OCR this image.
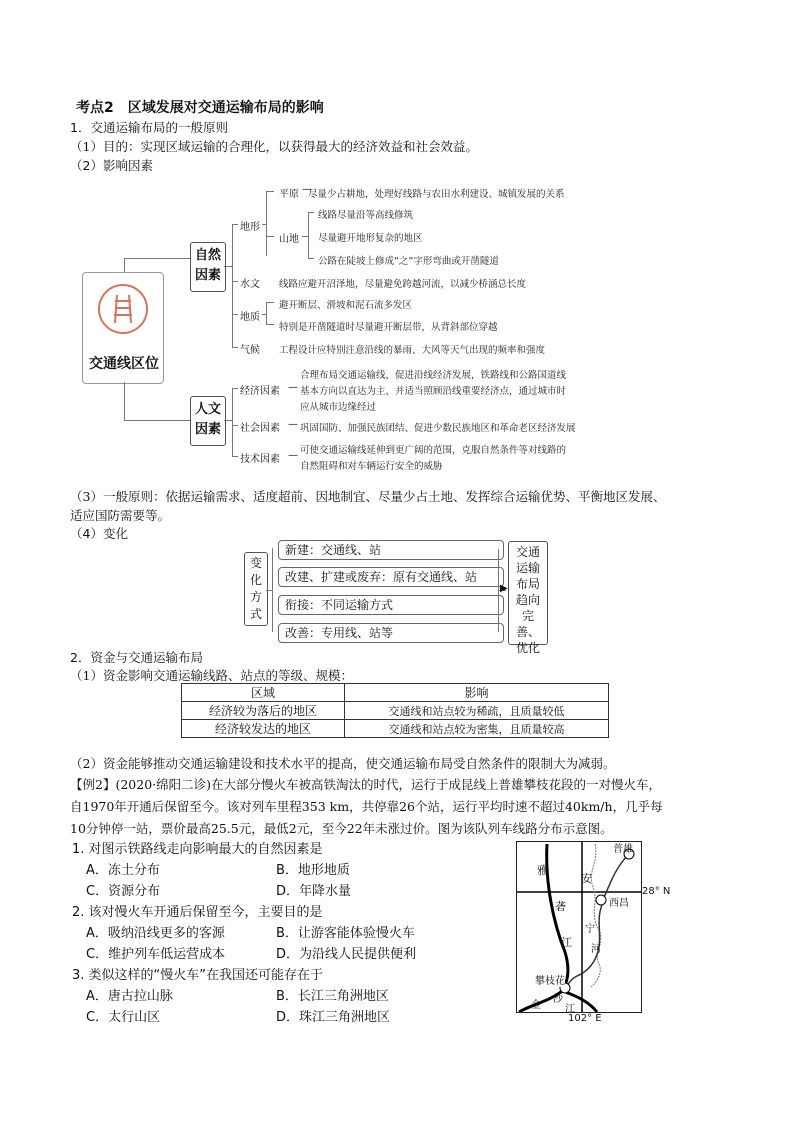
考点2　区域发展对交通运输布局的影响
1．交通运输布局的一般原则
（1）目的：实现区域运输的合理化，以获得最大的经济效益和社会效益。
（2）影响因素
交通线区位
自然因素
人文因素
地形
平原 尽量少占耕地，处理好线路与农田水利建设、城镇发展的关系
—
山地
线路尽量沿等高线修筑
尽量避开地形复杂的地区
公路在陡坡上修成“之”字形弯曲或开凿隧道
水文 线路应避开沼泽地，尽量避免跨越河流，以减少桥涵总长度
地质
避开断层、滑坡和泥石流多发区
特别是开凿隧道时尽量避开断层带，从背斜部位穿越
气候 工程设计应特别注意沿线的暴雨、大风等天气出现的频率和强度
经济因素 —
合理布局交通运输线，促进沿线经济发展，铁路线和公路国道线
基本方向以直达为主，并适当照顾沿线重要经济点，通过城市时
应从城市边缘经过
社会因素 — 巩固国防、加强民族团结、促进少数民族地区和革命老区经济发展
技术因素 — 可使交通运输线延伸到更广阔的范围，克服自然条件等对线路的
自然阻碍和对车辆运行安全的威胁
（3）一般原则：依据运输需求、适度超前、因地制宜、尽量少占土地、发挥综合运输优势、平衡地区发展、
适应国防需要等。
（4）变化
变化方式
新建：交通线、站
改建、扩建或废弃：原有交通线、站
衔接：不同运输方式
改善：专用线、站等
▶
交通运输布局趋向完善、优化
2．资金与交通运输布局
（1）资金影响交通运输线路、站点的等级、规模：
区域	影响
经济较为落后的地区	交通线和站点较为稀疏，且质量较低
经济较发达的地区	交通线和站点较为密集，且质量较高
（2）资金能够推动交通运输建设和技术水平的提高，使交通运输布局受自然条件的限制大为减弱。
【例2】(2020·绵阳二诊)在大部分慢火车被高铁淘汰的时代，运行于成昆线上普雄攀枝花段的一对慢火车，
自1970年开通后保留至今。该对列车里程353 km，共停靠26个站，运行平均时速不超过40km/h，几乎每
10分钟停一站，票价最高25.5元，最低2元，至今22年未涨过价。图为该队列车线路分布示意图。
1. 对图示铁路线走向影响最大的自然因素是
A．冻土分布	B．地形地质
C．资源分布	D．年降水量
2. 该对慢火车开通后保留至今，主要目的是
A．吸纳沿线更多的客源	B．让游客能体验慢火车
C．维护列车低运营成本	D．为沿线人民提供便利
3. 类似这样的“慢火车”在我国还可能存在于
A．唐古拉山脉	B．长江三角洲地区
C．太行山区	D．珠江三角洲地区
普雄
西昌
攀枝花
雅
安
砻
宁
江
河
金
沙
江
28° N
102° E
